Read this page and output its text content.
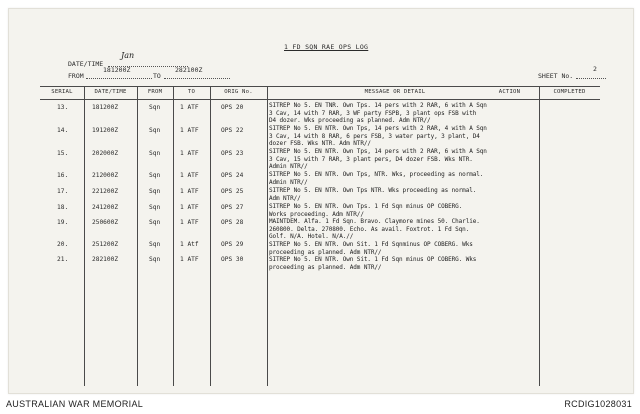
1 FD SQN RAE OPS LOG
DATE/TIME
Jan
FROM
181200Z
TO
282100Z
SHEET No.
2
SERIAL	DATE/TIME	FROM	TO	ORIG No.	MESSAGE OR DETAIL	ACTION	COMPLETED
13.	181200Z	Sqn	1 ATF	OPS 20	SITREP No 5. EN TNR. Own Tps. 14 pers with 2 RAR, 6 with A Sqn
3 Cav, 14 with 7 RAR, 3 WF party FSPB, 3 plant ops FSB with
D4 dozer. Wks proceeding as planned. Adm NTR//
14.	191200Z	Sqn	1 ATF	OPS 22	SITREP No 5. EN NTR. Own Tps, 14 pers with 2 RAR, 4 with A Sqn
3 Cav, 14 with 8 RAR, 6 pers FSB, 3 water party, 3 plant, D4
dozer FSB. Wks NTR. Adm NTR//
15.	202000Z	Sqn	1 ATF	OPS 23	SITREP No 5. EN NTR. Own Tps, 14 pers with 2 RAR, 6 with A Sqn
3 Cav, 15 with 7 RAR, 3 plant pers, D4 dozer FSB. Wks NTR.
Admin NTR//
16.	212000Z	Sqn	1 ATF	OPS 24	SITREP No 5. EN NTR. Own Tps, NTR. Wks, proceeding as normal.
Admin NTR//
17.	221200Z	Sqn	1 ATF	OPS 25	SITREP No 5. EN NTR. Own Tps NTR. Wks proceeding as normal.
Adm NTR//
18.	241200Z	Sqn	1 ATF	OPS 27	SITREP No 5. EN NTR. Own Tps. 1 Fd Sqn minus OP COBERG.
Works proceeding. Adm NTR//
19.	250600Z	Sqn	1 ATF	OPS 28	MAINTDEM. Alfa. 1 Fd Sqn. Bravo. Claymore mines 50. Charlie.
260800. Delta. 270800. Echo. As avail. Foxtrot. 1 Fd Sqn.
Golf. N/A. Hotel. N/A.//
20.	251200Z	Sqn	1 Atf	OPS 29	SITREP No 5. EN NTR. Own Sit. 1 Fd Sqnminus OP COBERG. Wks
proceeding as planned. Adm NTR//
21.	282100Z	Sqn	1 ATF	OPS 30	SITREP No 5. EN NTR. Own Sit. 1 Fd Sqn minus OP COBERG. Wks
proceeding as planned. Adm NTR//
AUSTRALIAN WAR MEMORIAL	RCDIG1028031
